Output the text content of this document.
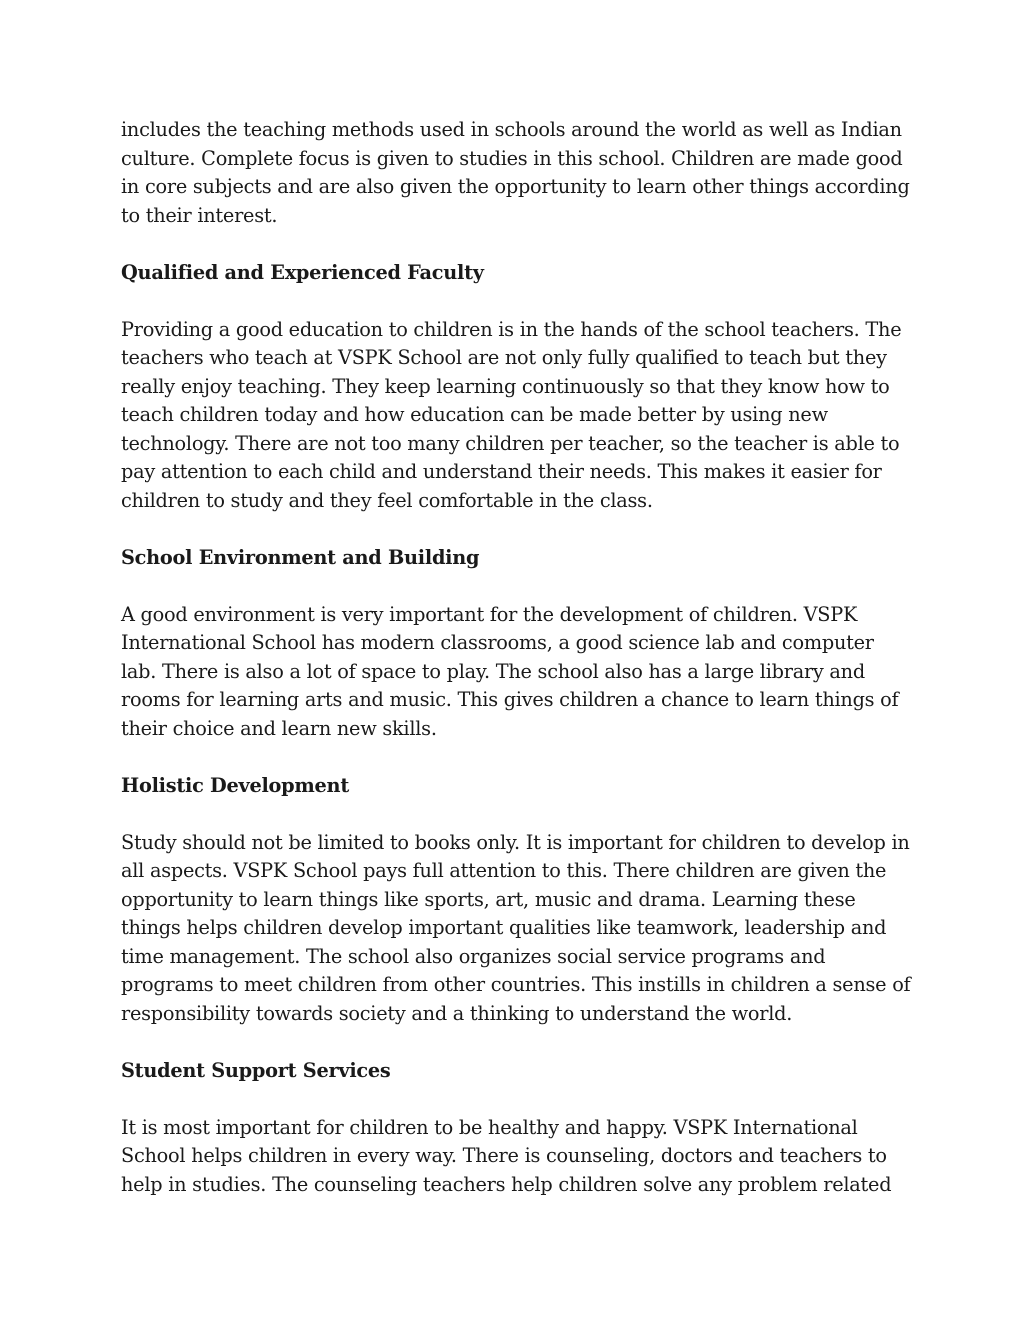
includes the teaching methods used in schools around the world as well as Indian culture. Complete focus is given to studies in this school. Children are made good in core subjects and are also given the opportunity to learn other things according to their interest.

Qualified and Experienced Faculty

Providing a good education to children is in the hands of the school teachers. The teachers who teach at VSPK School are not only fully qualified to teach but they really enjoy teaching. They keep learning continuously so that they know how to teach children today and how education can be made better by using new technology. There are not too many children per teacher, so the teacher is able to pay attention to each child and understand their needs. This makes it easier for children to study and they feel comfortable in the class.

School Environment and Building

A good environment is very important for the development of children. VSPK International School has modern classrooms, a good science lab and computer lab. There is also a lot of space to play. The school also has a large library and rooms for learning arts and music. This gives children a chance to learn things of their choice and learn new skills.

Holistic Development

Study should not be limited to books only. It is important for children to develop in all aspects. VSPK School pays full attention to this. There children are given the opportunity to learn things like sports, art, music and drama. Learning these things helps children develop important qualities like teamwork, leadership and time management. The school also organizes social service programs and programs to meet children from other countries. This instills in children a sense of responsibility towards society and a thinking to understand the world.

Student Support Services

It is most important for children to be healthy and happy. VSPK International School helps children in every way. There is counseling, doctors and teachers to help in studies. The counseling teachers help children solve any problem related
